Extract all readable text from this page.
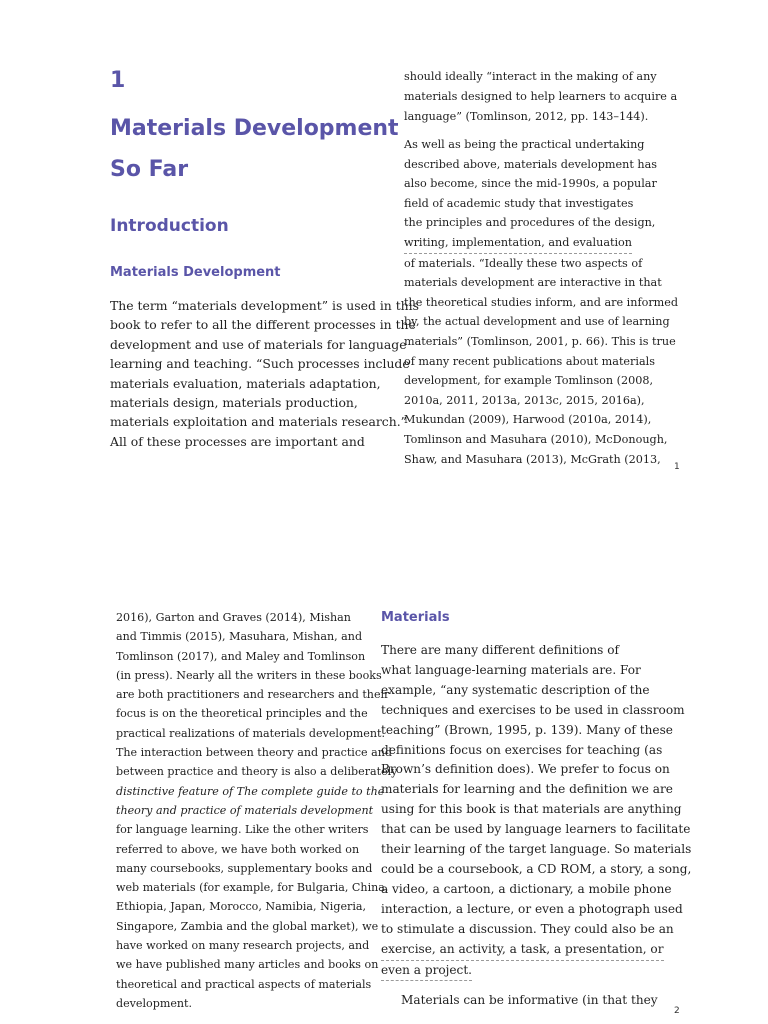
1
Materials Development
So Far
Introduction
Materials Development
The term “materials development” is used in this
book to refer to all the different processes in the
development and use of materials for language
learning and teaching. “Such processes include
materials evaluation, materials adaptation,
materials design, materials production,
materials exploitation and materials research.”
All of these processes are important and
should ideally “interact in the making of any
materials designed to help learners to acquire a
language” (Tomlinson, 2012, pp. 143–144).
As well as being the practical undertaking
described above, materials development has
also become, since the mid-1990s, a popular
field of academic study that investigates
the principles and procedures of the design,
writing, implementation, and evaluation
of materials. “Ideally these two aspects of
materials development are interactive in that
the theoretical studies inform, and are informed
by, the actual development and use of learning
materials” (Tomlinson, 2001, p. 66). This is true
of many recent publications about materials
development, for example Tomlinson (2008,
2010a, 2011, 2013a, 2013c, 2015, 2016a),
Mukundan (2009), Harwood (2010a, 2014),
Tomlinson and Masuhara (2010), McDonough,
Shaw, and Masuhara (2013), McGrath (2013,
1
2016), Garton and Graves (2014), Mishan
and Timmis (2015), Masuhara, Mishan, and
Tomlinson (2017), and Maley and Tomlinson
(in press). Nearly all the writers in these books
are both practitioners and researchers and their
focus is on the theoretical principles and the
practical realizations of materials development.
The interaction between theory and practice and
between practice and theory is also a deliberately
distinctive feature of The complete guide to the
theory and practice of materials development
for language learning. Like the other writers
referred to above, we have both worked on
many coursebooks, supplementary books and
web materials (for example, for Bulgaria, China,
Ethiopia, Japan, Morocco, Namibia, Nigeria,
Singapore, Zambia and the global market), we
have worked on many research projects, and
we have published many articles and books on
theoretical and practical aspects of materials
development.
Materials
There are many different definitions of
what language-learning materials are. For
example, “any systematic description of the
techniques and exercises to be used in classroom
teaching” (Brown, 1995, p. 139). Many of these
definitions focus on exercises for teaching (as
Brown’s definition does). We prefer to focus on
materials for learning and the definition we are
using for this book is that materials are anything
that can be used by language learners to facilitate
their learning of the target language. So materials
could be a coursebook, a CD ROM, a story, a song,
a video, a cartoon, a dictionary, a mobile phone
interaction, a lecture, or even a photograph used
to stimulate a discussion. They could also be an
exercise, an activity, a task, a presentation, or
even a project.
Materials can be informative (in that they
2
